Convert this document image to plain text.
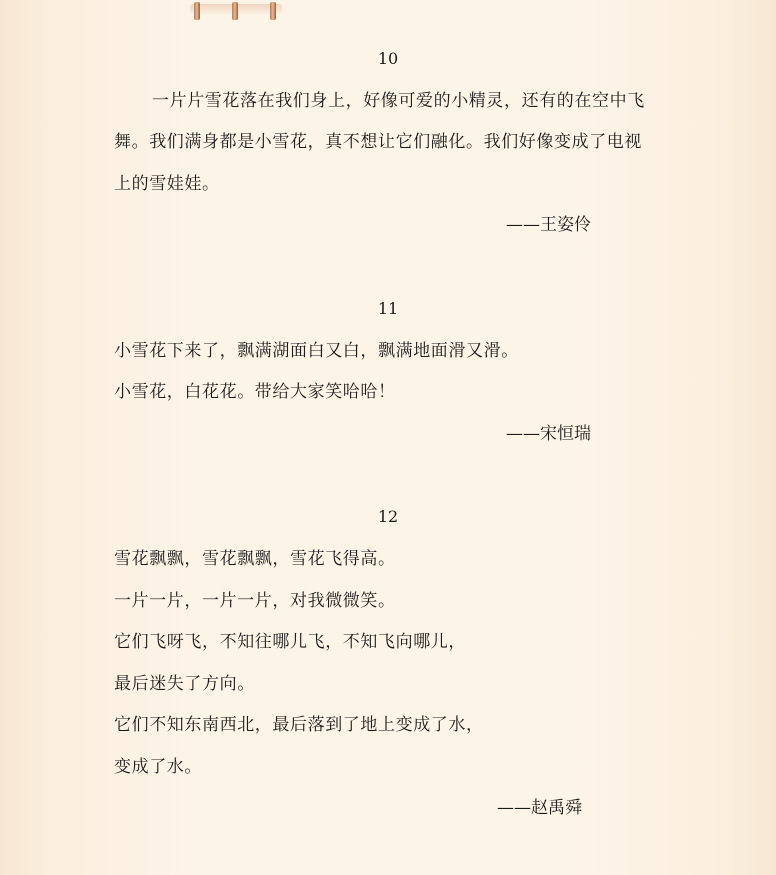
10
一片片雪花落在我们身上，好像可爱的小精灵，还有的在空中飞
舞。我们满身都是小雪花，真不想让它们融化。我们好像变成了电视
上的雪娃娃。
——王姿伶
11
小雪花下来了，飘满湖面白又白，飘满地面滑又滑。
小雪花，白花花。带给大家笑哈哈！
——宋恒瑞
12
雪花飘飘，雪花飘飘，雪花飞得高。
一片一片，一片一片，对我微微笑。
它们飞呀飞，不知往哪儿飞，不知飞向哪儿，
最后迷失了方向。
它们不知东南西北，最后落到了地上变成了水，
变成了水。
——赵禹舜
